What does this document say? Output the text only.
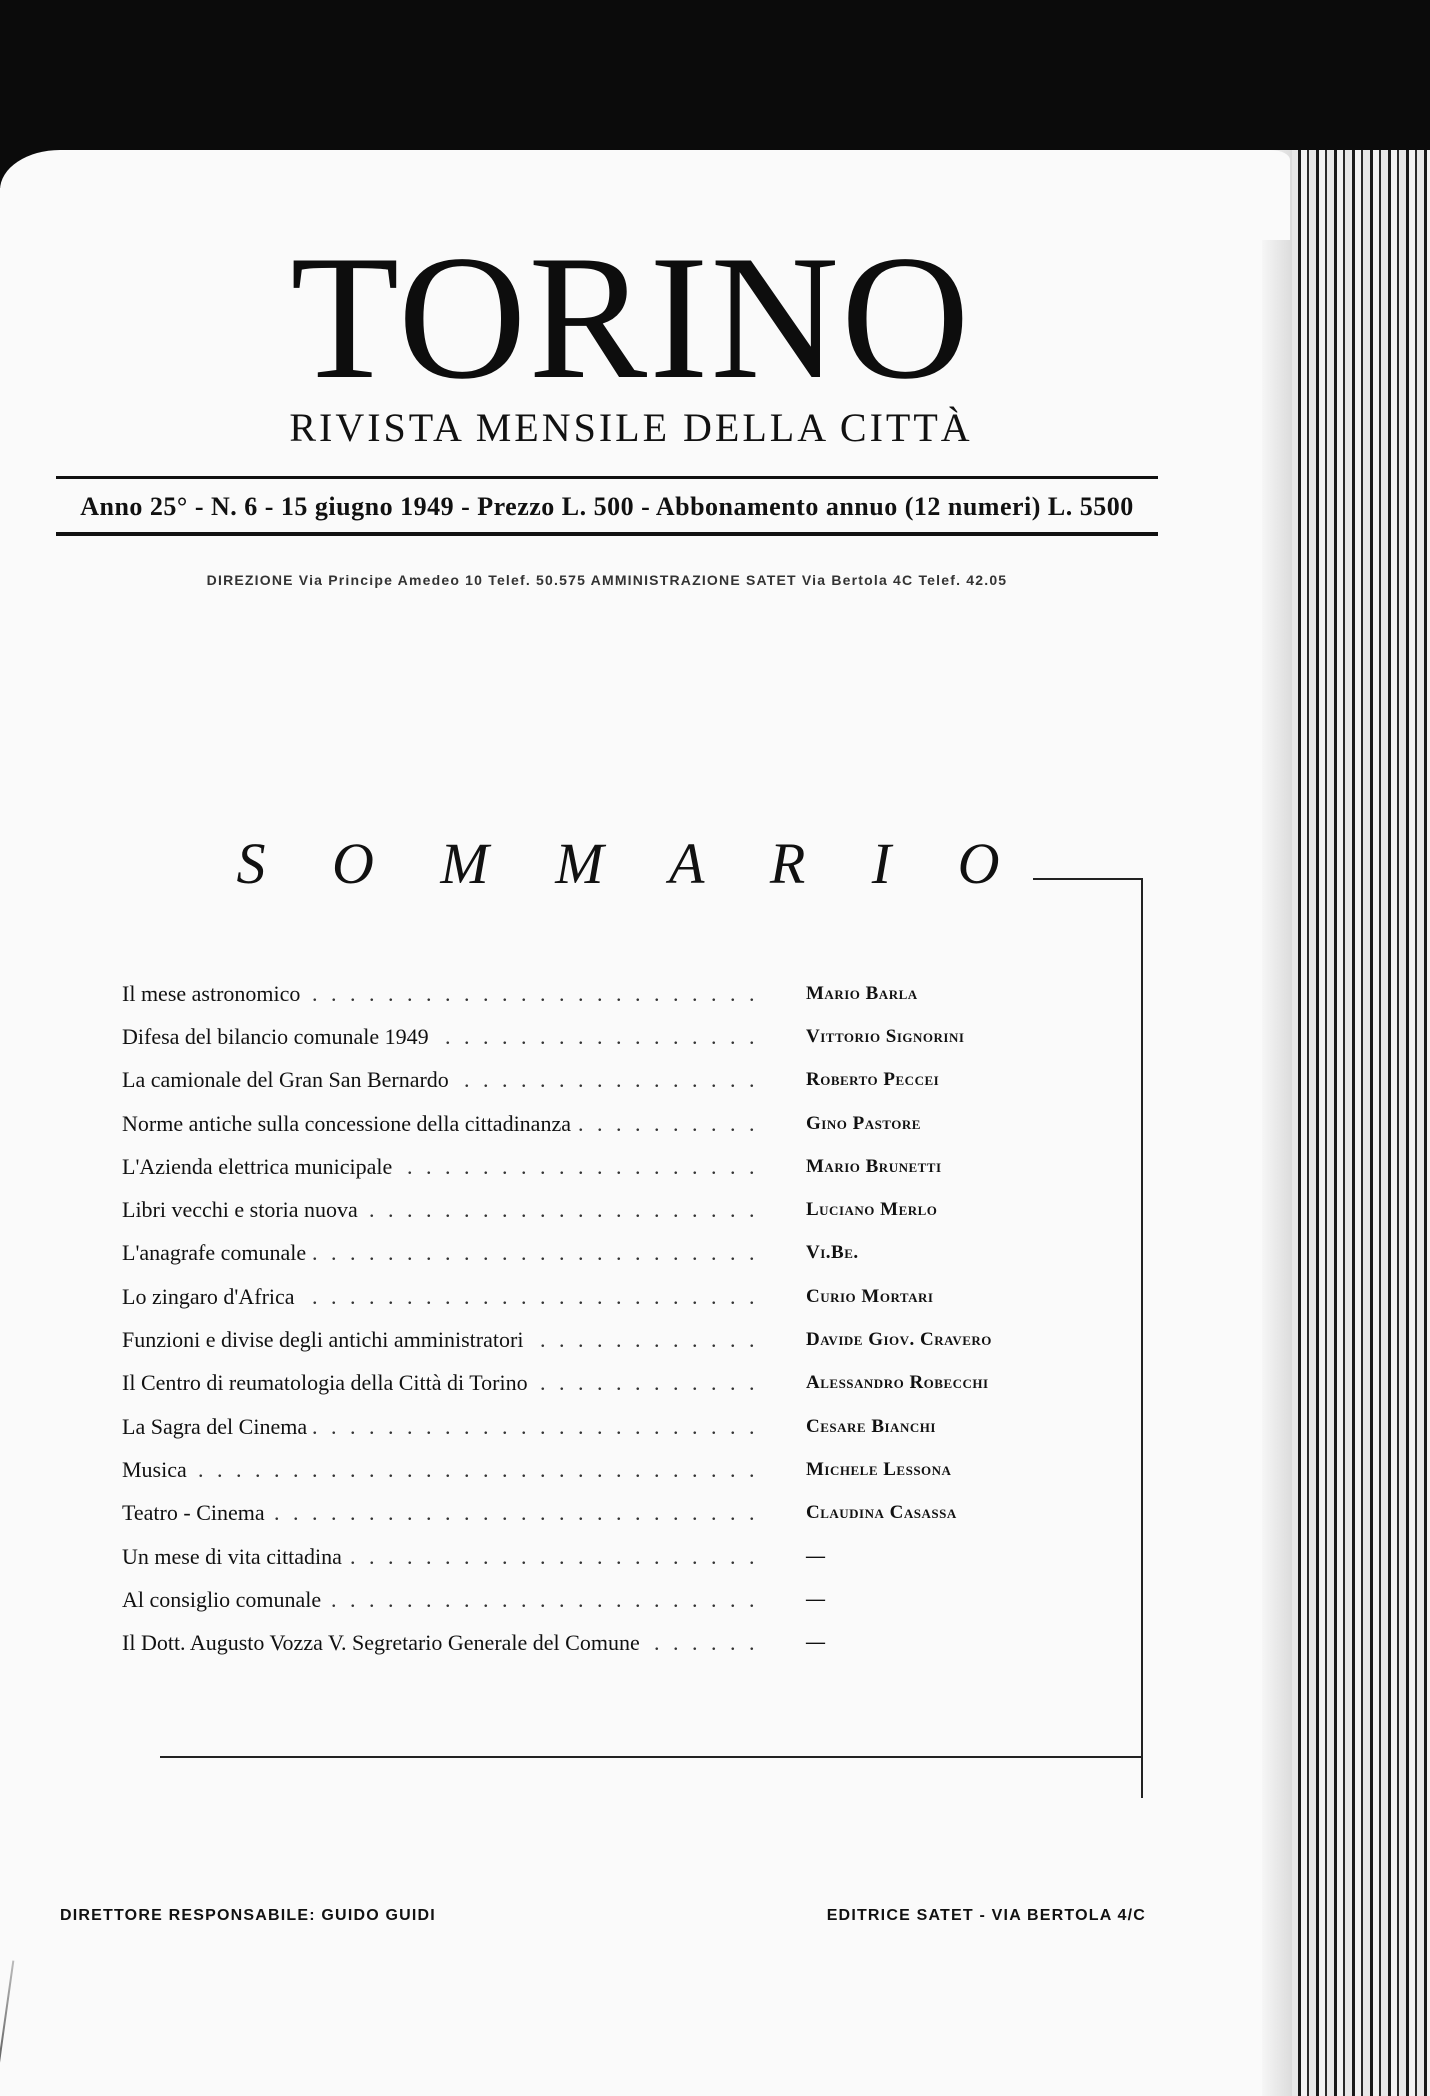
TORINO
RIVISTA MENSILE DELLA CITTÀ
Anno 25° - N. 6 - 15 giugno 1949 - Prezzo L. 500 - Abbonamento annuo (12 numeri) L. 5500
DIREZIONE Via Principe Amedeo 10 Telef. 50.575 AMMINISTRAZIONE SATET Via Bertola 4C Telef. 42.05
S O M M A R I O
Il mese astronomico . . .	Mario Barla
Difesa del bilancio comunale 1949 . . .	Vittorio Signorini
La camionale del Gran San Bernardo . . .	Roberto Peccei
Norme antiche sulla concessione della cittadinanza . . .	Gino Pastore
L'Azienda elettrica municipale . . .	Mario Brunetti
Libri vecchi e storia nuova . . .	Luciano Merlo
L'anagrafe comunale . . .	Vi.Be.
Lo zingaro d'Africa . . .	Curio Mortari
Funzioni e divise degli antichi amministratori . . .	Davide Giov. Cravero
Il Centro di reumatologia della Città di Torino . . .	Alessandro Robecchi
La Sagra del Cinema . . .	Cesare Bianchi
Musica . . .	Michele Lessona
Teatro - Cinema . . .	Claudina Casassa
Un mese di vita cittadina . . .	—
Al consiglio comunale . . .	—
Il Dott. Augusto Vozza V. Segretario Generale del Comune . . .	—
DIRETTORE RESPONSABILE: GUIDO GUIDI	EDITRICE SATET - VIA BERTOLA 4/C
